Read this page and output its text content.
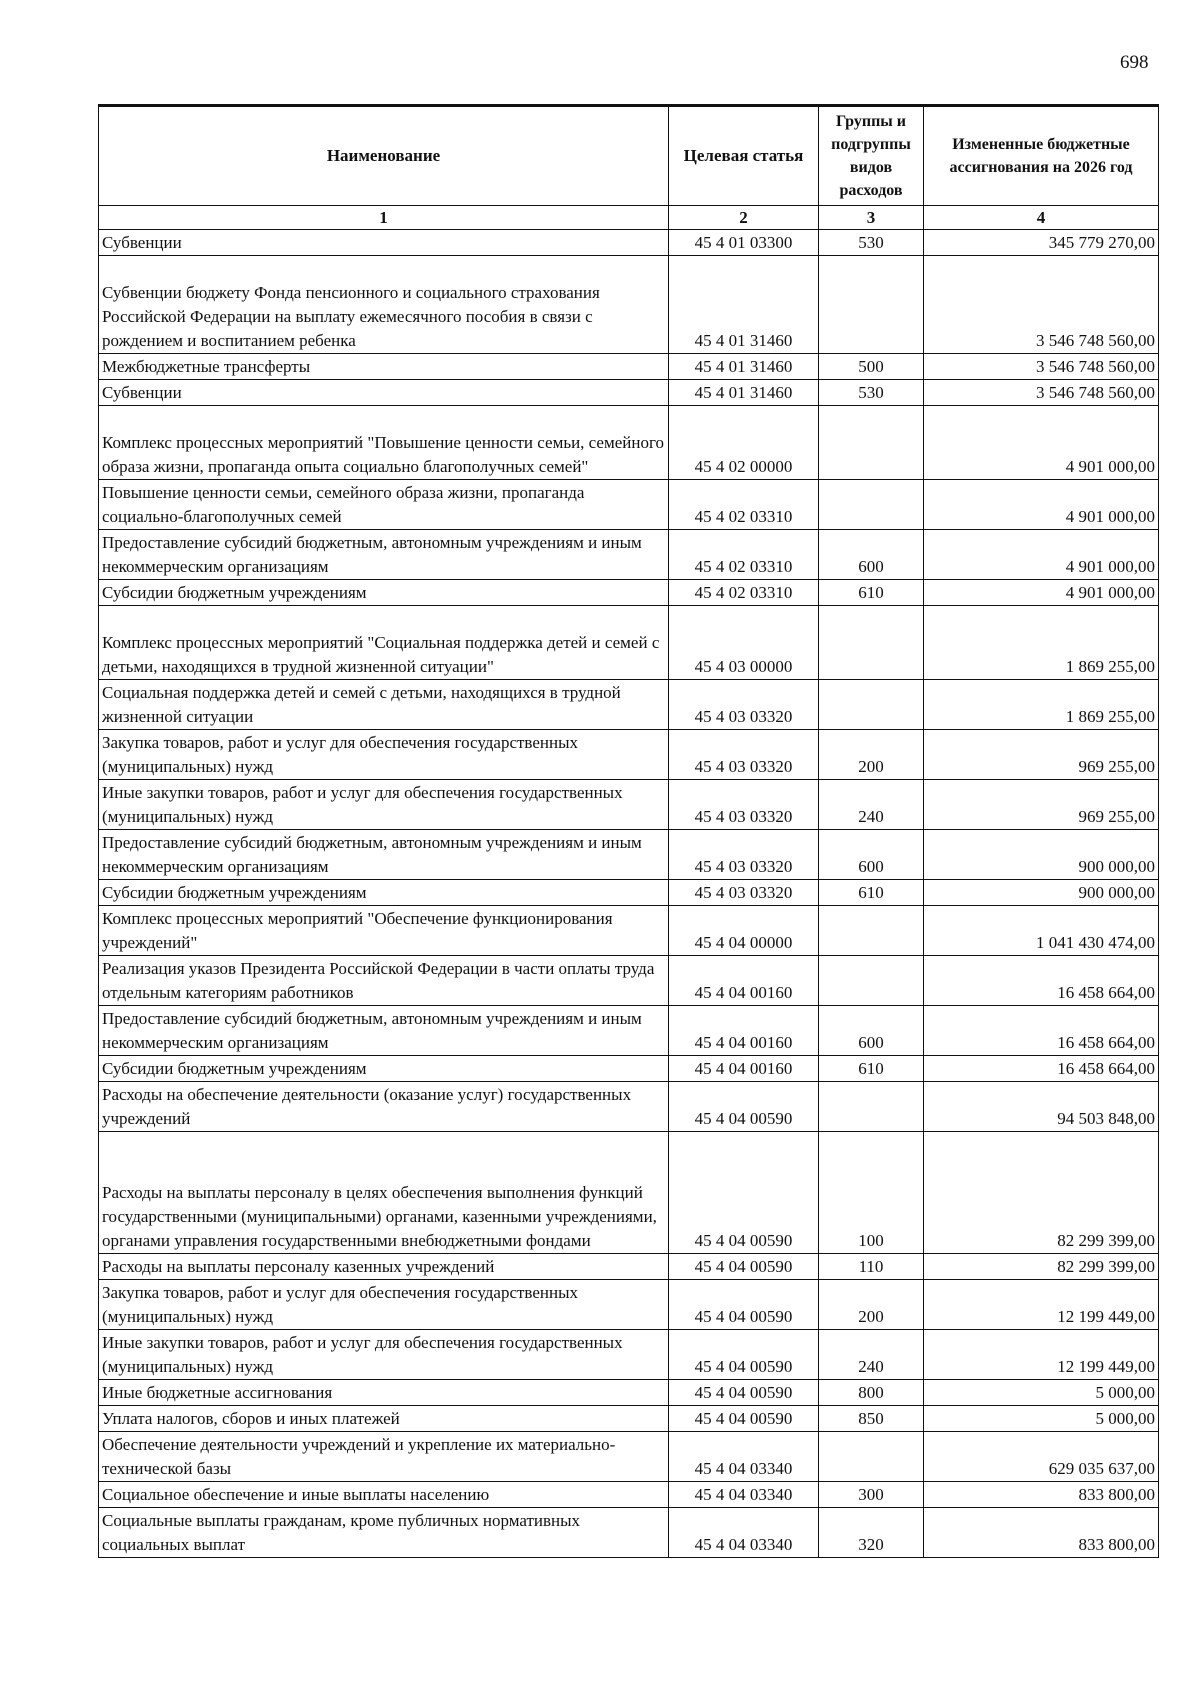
698
Наименование	Целевая статья	Группы и подгруппы видов расходов	Измененные бюджетные ассигнования на 2026 год
1	2	3	4
Субвенции	45 4 01 03300	530	345 779 270,00
Субвенции бюджету Фонда пенсионного и социального страхования Российской Федерации на выплату ежемесячного пособия в связи с рождением и воспитанием ребенка	45 4 01 31460		3 546 748 560,00
Межбюджетные трансферты	45 4 01 31460	500	3 546 748 560,00
Субвенции	45 4 01 31460	530	3 546 748 560,00
Комплекс процессных мероприятий "Повышение ценности семьи, семейного образа жизни, пропаганда опыта социально благополучных семей"	45 4 02 00000		4 901 000,00
Повышение ценности семьи, семейного образа жизни, пропаганда социально-благополучных семей	45 4 02 03310		4 901 000,00
Предоставление субсидий бюджетным, автономным учреждениям и иным некоммерческим организациям	45 4 02 03310	600	4 901 000,00
Субсидии бюджетным учреждениям	45 4 02 03310	610	4 901 000,00
Комплекс процессных мероприятий "Социальная поддержка детей и семей с детьми, находящихся в трудной жизненной ситуации"	45 4 03 00000		1 869 255,00
Социальная поддержка детей и семей с детьми, находящихся в трудной жизненной ситуации	45 4 03 03320		1 869 255,00
Закупка товаров, работ и услуг для обеспечения государственных (муниципальных) нужд	45 4 03 03320	200	969 255,00
Иные закупки товаров, работ и услуг для обеспечения государственных (муниципальных) нужд	45 4 03 03320	240	969 255,00
Предоставление субсидий бюджетным, автономным учреждениям и иным некоммерческим организациям	45 4 03 03320	600	900 000,00
Субсидии бюджетным учреждениям	45 4 03 03320	610	900 000,00
Комплекс процессных мероприятий "Обеспечение функционирования учреждений"	45 4 04 00000		1 041 430 474,00
Реализация указов Президента Российской Федерации в части оплаты труда отдельным категориям работников	45 4 04 00160		16 458 664,00
Предоставление субсидий бюджетным, автономным учреждениям и иным некоммерческим организациям	45 4 04 00160	600	16 458 664,00
Субсидии бюджетным учреждениям	45 4 04 00160	610	16 458 664,00
Расходы на обеспечение деятельности (оказание услуг) государственных учреждений	45 4 04 00590		94 503 848,00
Расходы на выплаты персоналу в целях обеспечения выполнения функций государственными (муниципальными) органами, казенными учреждениями, органами управления государственными внебюджетными фондами	45 4 04 00590	100	82 299 399,00
Расходы на выплаты персоналу казенных учреждений	45 4 04 00590	110	82 299 399,00
Закупка товаров, работ и услуг для обеспечения государственных (муниципальных) нужд	45 4 04 00590	200	12 199 449,00
Иные закупки товаров, работ и услуг для обеспечения государственных (муниципальных) нужд	45 4 04 00590	240	12 199 449,00
Иные бюджетные ассигнования	45 4 04 00590	800	5 000,00
Уплата налогов, сборов и иных платежей	45 4 04 00590	850	5 000,00
Обеспечение деятельности учреждений и укрепление их материально-технической базы	45 4 04 03340		629 035 637,00
Социальное обеспечение и иные выплаты населению	45 4 04 03340	300	833 800,00
Социальные выплаты гражданам, кроме публичных нормативных социальных выплат	45 4 04 03340	320	833 800,00
